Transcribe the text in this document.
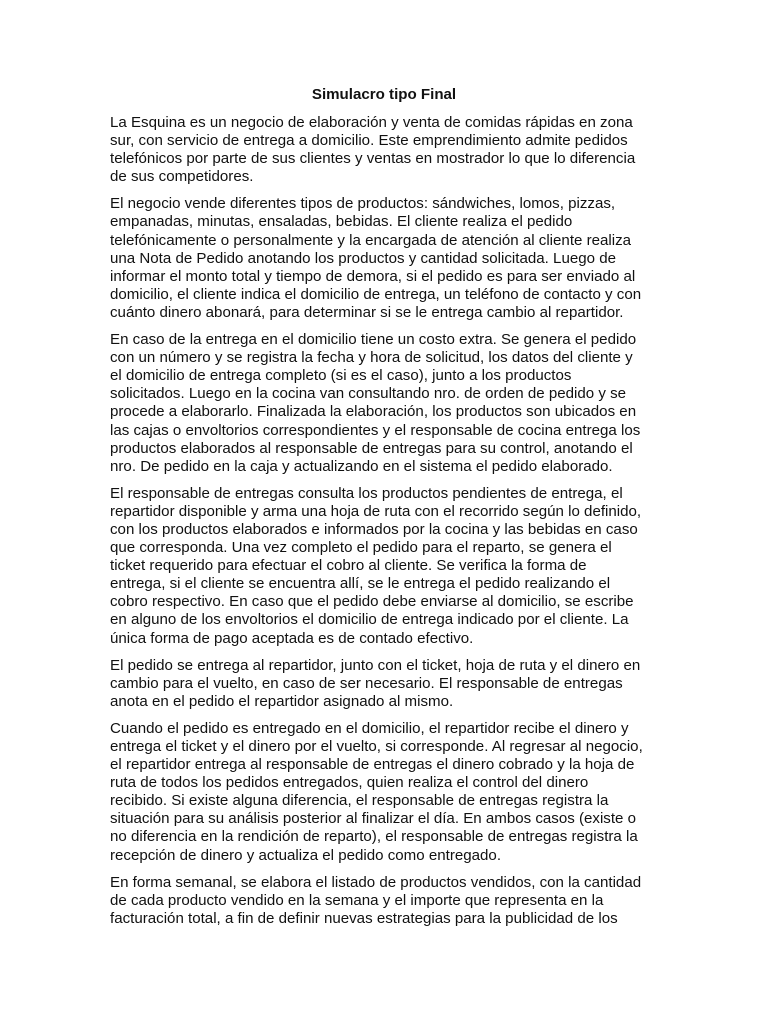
Simulacro tipo Final
La Esquina es un negocio de elaboración y venta de comidas rápidas en zona
sur, con servicio de entrega a domicilio. Este emprendimiento admite pedidos
telefónicos por parte de sus clientes y ventas en mostrador lo que lo diferencia
de sus competidores.
El negocio vende diferentes tipos de productos: sándwiches, lomos, pizzas,
empanadas, minutas, ensaladas, bebidas. El cliente realiza el pedido
telefónicamente o personalmente y la encargada de atención al cliente realiza
una Nota de Pedido anotando los productos y cantidad solicitada. Luego de
informar el monto total y tiempo de demora, si el pedido es para ser enviado al
domicilio, el cliente indica el domicilio de entrega, un teléfono de contacto y con
cuánto dinero abonará, para determinar si se le entrega cambio al repartidor.
En caso de la entrega en el domicilio tiene un costo extra. Se genera el pedido
con un número y se registra la fecha y hora de solicitud, los datos del cliente y
el domicilio de entrega completo (si es el caso), junto a los productos
solicitados. Luego en la cocina van consultando nro. de orden de pedido y se
procede a elaborarlo. Finalizada la elaboración, los productos son ubicados en
las cajas o envoltorios correspondientes y el responsable de cocina entrega los
productos elaborados al responsable de entregas para su control, anotando el
nro. De pedido en la caja y actualizando en el sistema el pedido elaborado.
El responsable de entregas consulta los productos pendientes de entrega, el
repartidor disponible y arma una hoja de ruta con el recorrido según lo definido,
con los productos elaborados e informados por la cocina y las bebidas en caso
que corresponda. Una vez completo el pedido para el reparto, se genera el
ticket requerido para efectuar el cobro al cliente. Se verifica la forma de
entrega, si el cliente se encuentra allí, se le entrega el pedido realizando el
cobro respectivo. En caso que el pedido debe enviarse al domicilio, se escribe
en alguno de los envoltorios el domicilio de entrega indicado por el cliente. La
única forma de pago aceptada es de contado efectivo.
El pedido se entrega al repartidor, junto con el ticket, hoja de ruta y el dinero en
cambio para el vuelto, en caso de ser necesario. El responsable de entregas
anota en el pedido el repartidor asignado al mismo.
Cuando el pedido es entregado en el domicilio, el repartidor recibe el dinero y
entrega el ticket y el dinero por el vuelto, si corresponde. Al regresar al negocio,
el repartidor entrega al responsable de entregas el dinero cobrado y la hoja de
ruta de todos los pedidos entregados, quien realiza el control del dinero
recibido. Si existe alguna diferencia, el responsable de entregas registra la
situación para su análisis posterior al finalizar el día. En ambos casos (existe o
no diferencia en la rendición de reparto), el responsable de entregas registra la
recepción de dinero y actualiza el pedido como entregado.
En forma semanal, se elabora el listado de productos vendidos, con la cantidad
de cada producto vendido en la semana y el importe que representa en la
facturación total, a fin de definir nuevas estrategias para la publicidad de los
